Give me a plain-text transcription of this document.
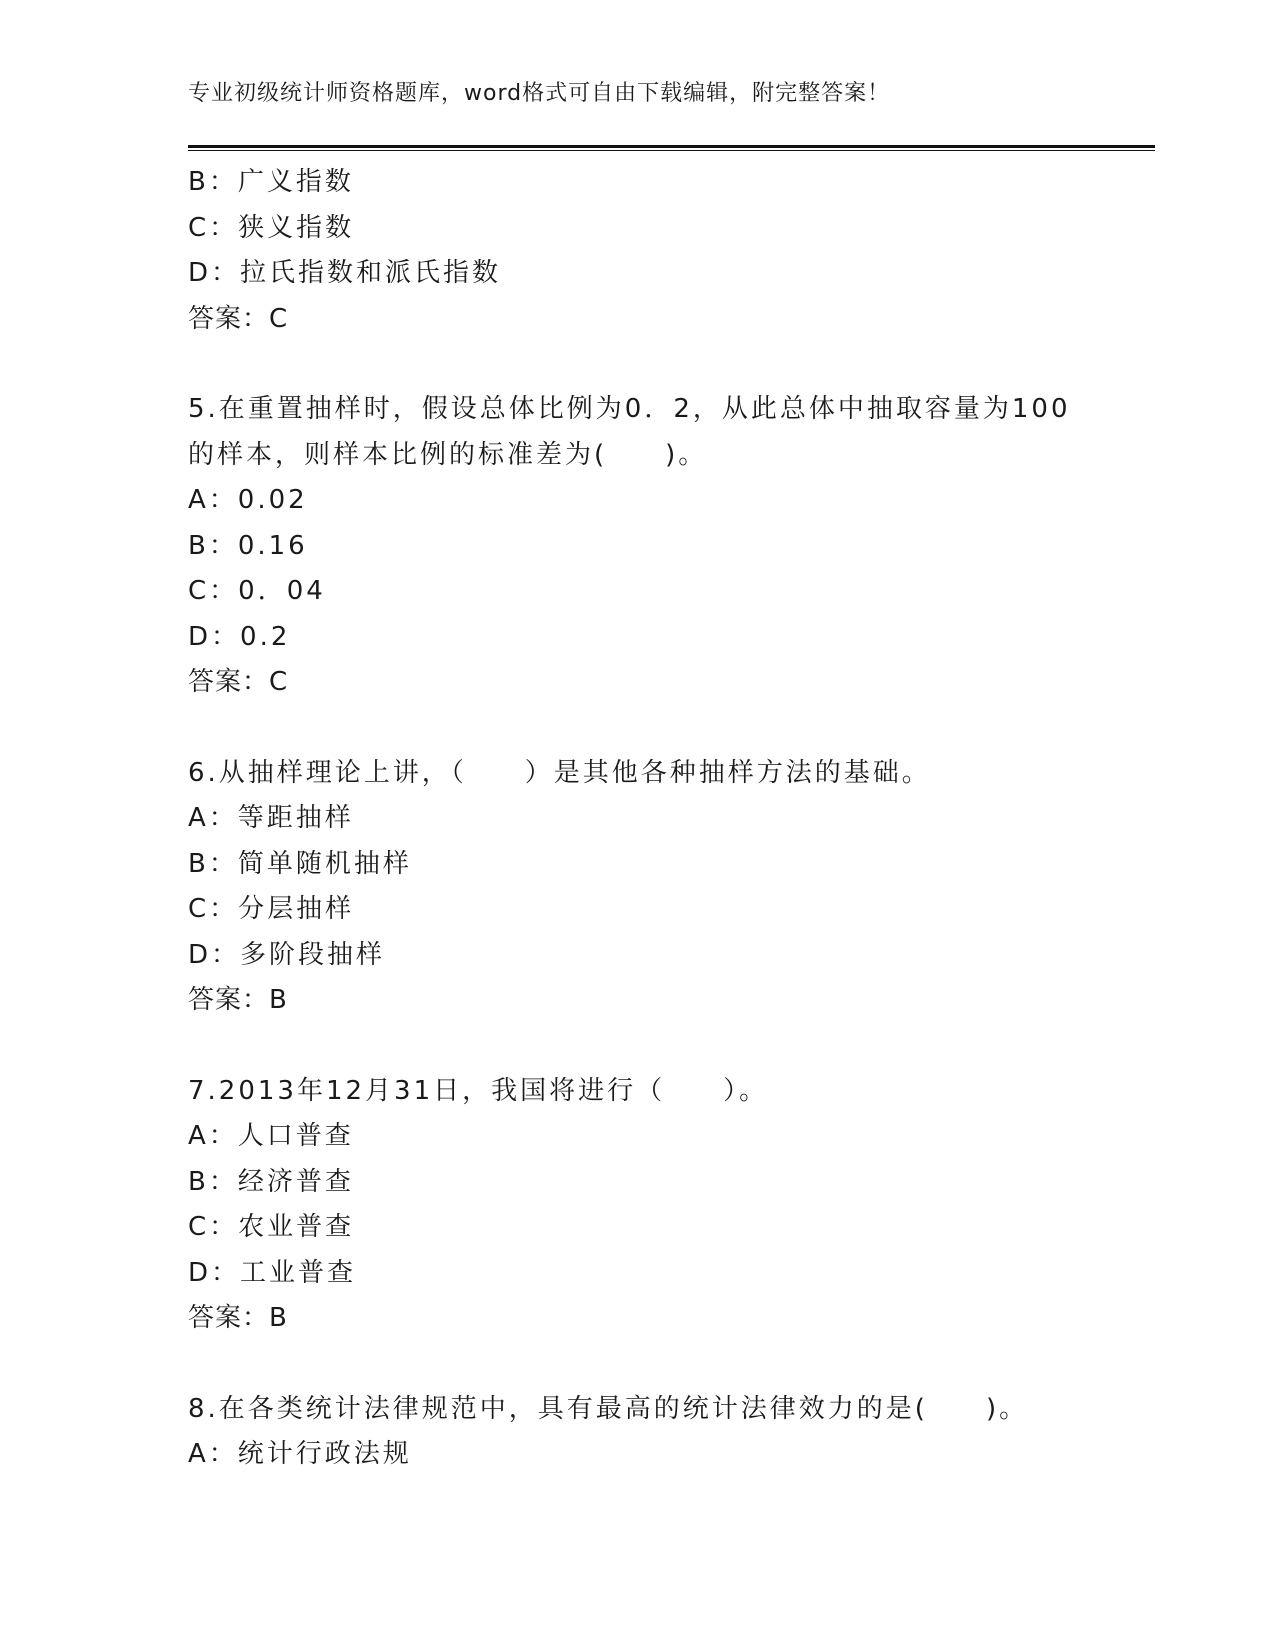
专业初级统计师资格题库，word格式可自由下载编辑，附完整答案！
B：广义指数
C：狭义指数
D：拉氏指数和派氏指数
答案：C
5.在重置抽样时，假设总体比例为0．2，从此总体中抽取容量为100
的样本，则样本比例的标准差为(　　)。
A：0.02
B：0.16
C：0．04
D：0.2
答案：C
6.从抽样理论上讲，（　　）是其他各种抽样方法的基础。
A：等距抽样
B：简单随机抽样
C：分层抽样
D：多阶段抽样
答案：B
7.2013年12月31日，我国将进行（　　）。
A：人口普查
B：经济普查
C：农业普查
D：工业普查
答案：B
8.在各类统计法律规范中，具有最高的统计法律效力的是(　　)。
A：统计行政法规
